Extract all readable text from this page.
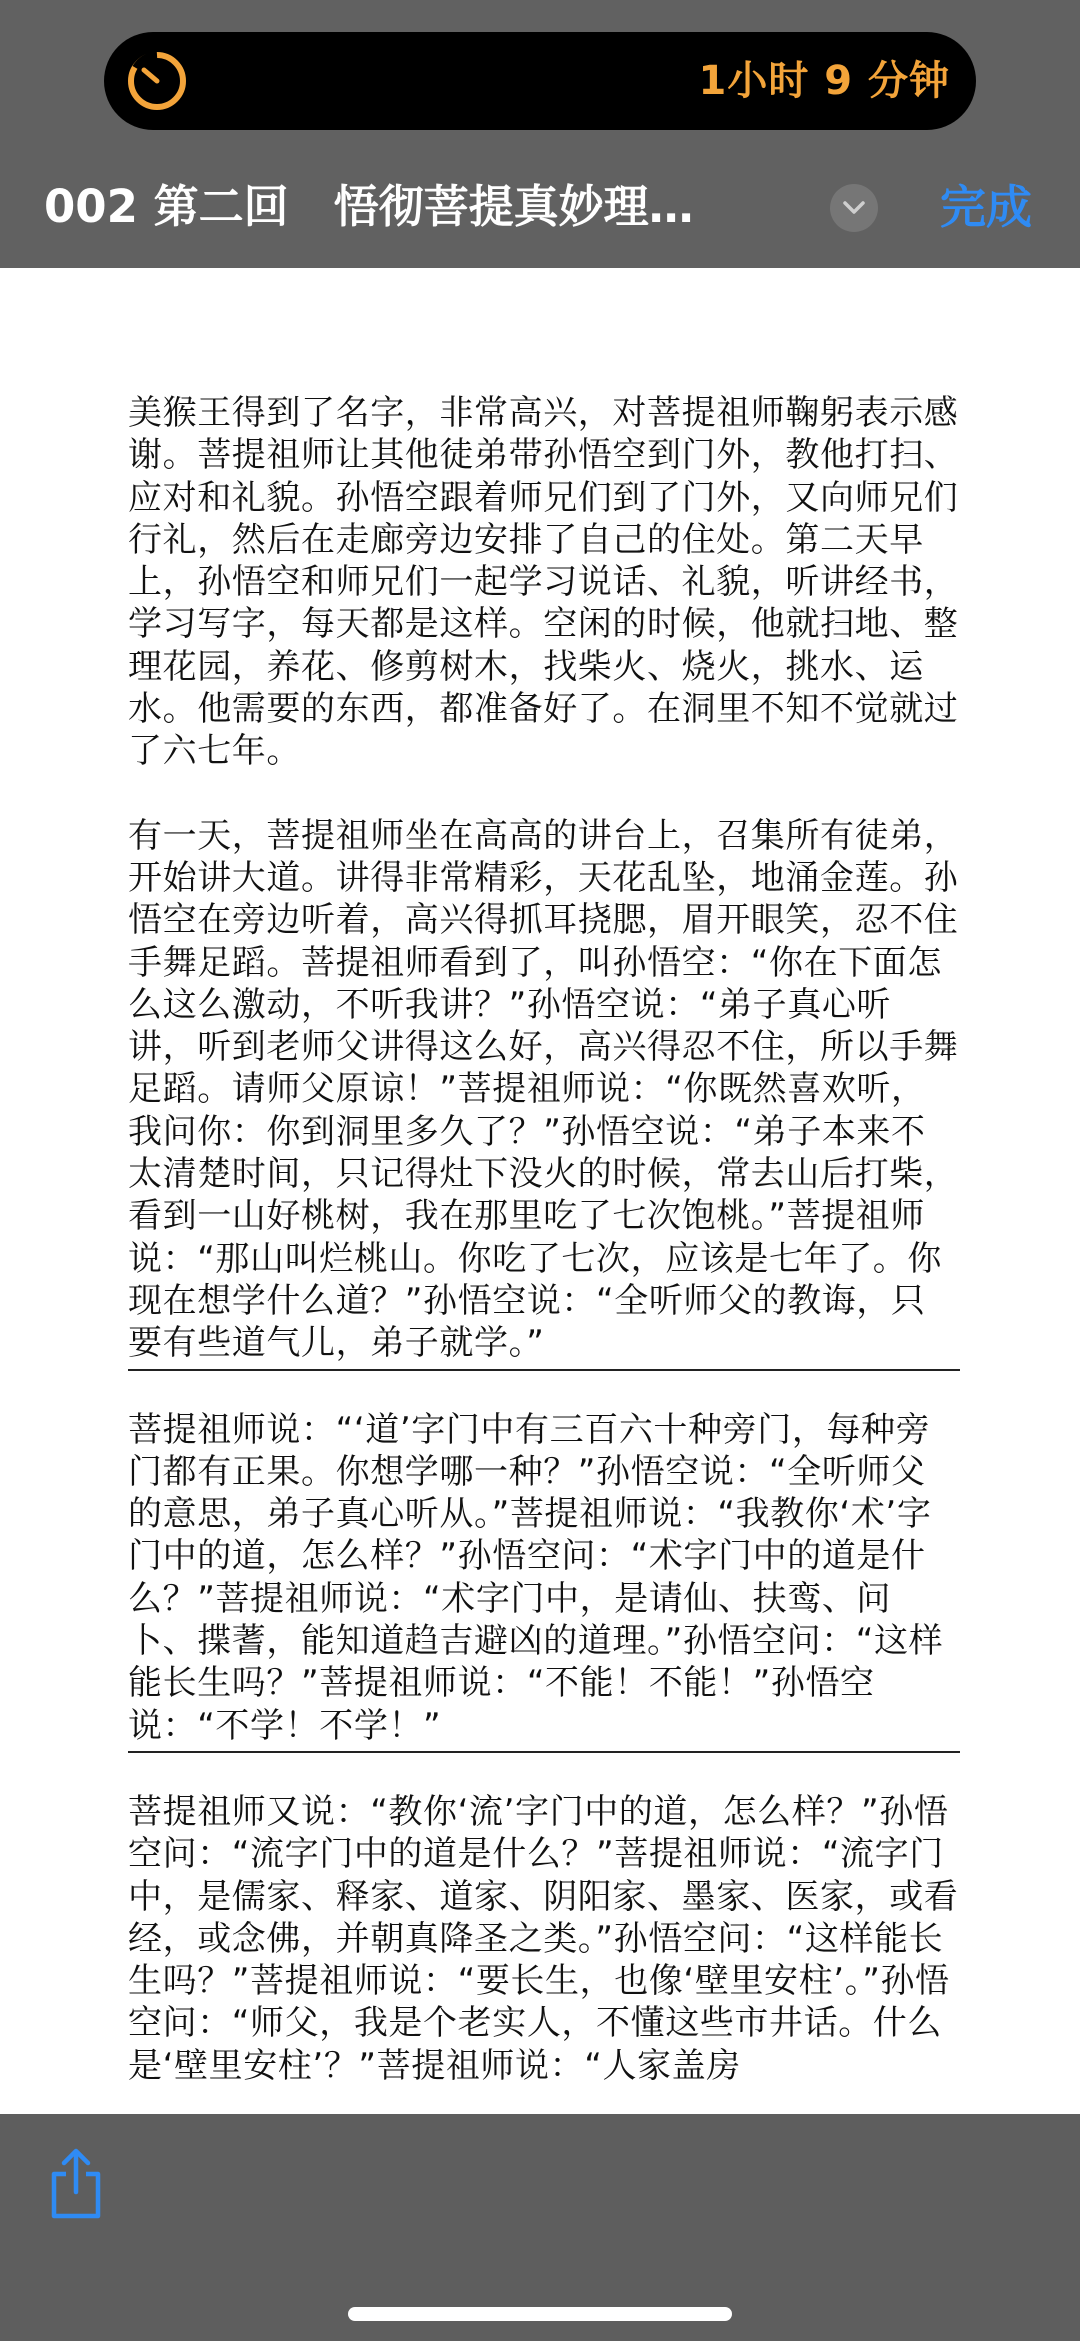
1小时 9 分钟
002 第二回　悟彻菩提真妙理…	完成

美猴王得到了名字，非常高兴，对菩提祖师鞠躬表示感谢。菩提祖师让其他徒弟带孙悟空到门外，教他打扫、应对和礼貌。孙悟空跟着师兄们到了门外，又向师兄们行礼，然后在走廊旁边安排了自己的住处。第二天早上，孙悟空和师兄们一起学习说话、礼貌，听讲经书，学习写字，每天都是这样。空闲的时候，他就扫地、整理花园，养花、修剪树木，找柴火、烧火，挑水、运水。他需要的东西，都准备好了。在洞里不知不觉就过了六七年。

有一天，菩提祖师坐在高高的讲台上，召集所有徒弟，开始讲大道。讲得非常精彩，天花乱坠，地涌金莲。孙悟空在旁边听着，高兴得抓耳挠腮，眉开眼笑，忍不住手舞足蹈。菩提祖师看到了，叫孙悟空：“你在下面怎么这么激动，不听我讲？”孙悟空说：“弟子真心听讲，听到老师父讲得这么好，高兴得忍不住，所以手舞足蹈。请师父原谅！”菩提祖师说：“你既然喜欢听，我问你：你到洞里多久了？”孙悟空说：“弟子本来不太清楚时间，只记得灶下没火的时候，常去山后打柴，看到一山好桃树，我在那里吃了七次饱桃。”菩提祖师说：“那山叫烂桃山。你吃了七次，应该是七年了。你现在想学什么道？”孙悟空说：“全听师父的教诲，只要有些道气儿，弟子就学。”

菩提祖师说：“‘道’字门中有三百六十种旁门，每种旁门都有正果。你想学哪一种？”孙悟空说：“全听师父的意思，弟子真心听从。”菩提祖师说：“我教你‘术’字门中的道，怎么样？”孙悟空问：“术字门中的道是什么？”菩提祖师说：“术字门中，是请仙、扶鸾、问卜、揲蓍，能知道趋吉避凶的道理。”孙悟空问：“这样能长生吗？”菩提祖师说：“不能！不能！”孙悟空说：“不学！不学！”

菩提祖师又说：“教你‘流’字门中的道，怎么样？”孙悟空问：“流字门中的道是什么？”菩提祖师说：“流字门中，是儒家、释家、道家、阴阳家、墨家、医家，或看经，或念佛，并朝真降圣之类。”孙悟空问：“这样能长生吗？”菩提祖师说：“要长生，也像‘壁里安柱’。”孙悟空问：“师父，我是个老实人，不懂这些市井话。什么是‘壁里安柱’？”菩提祖师说：“人家盖房
